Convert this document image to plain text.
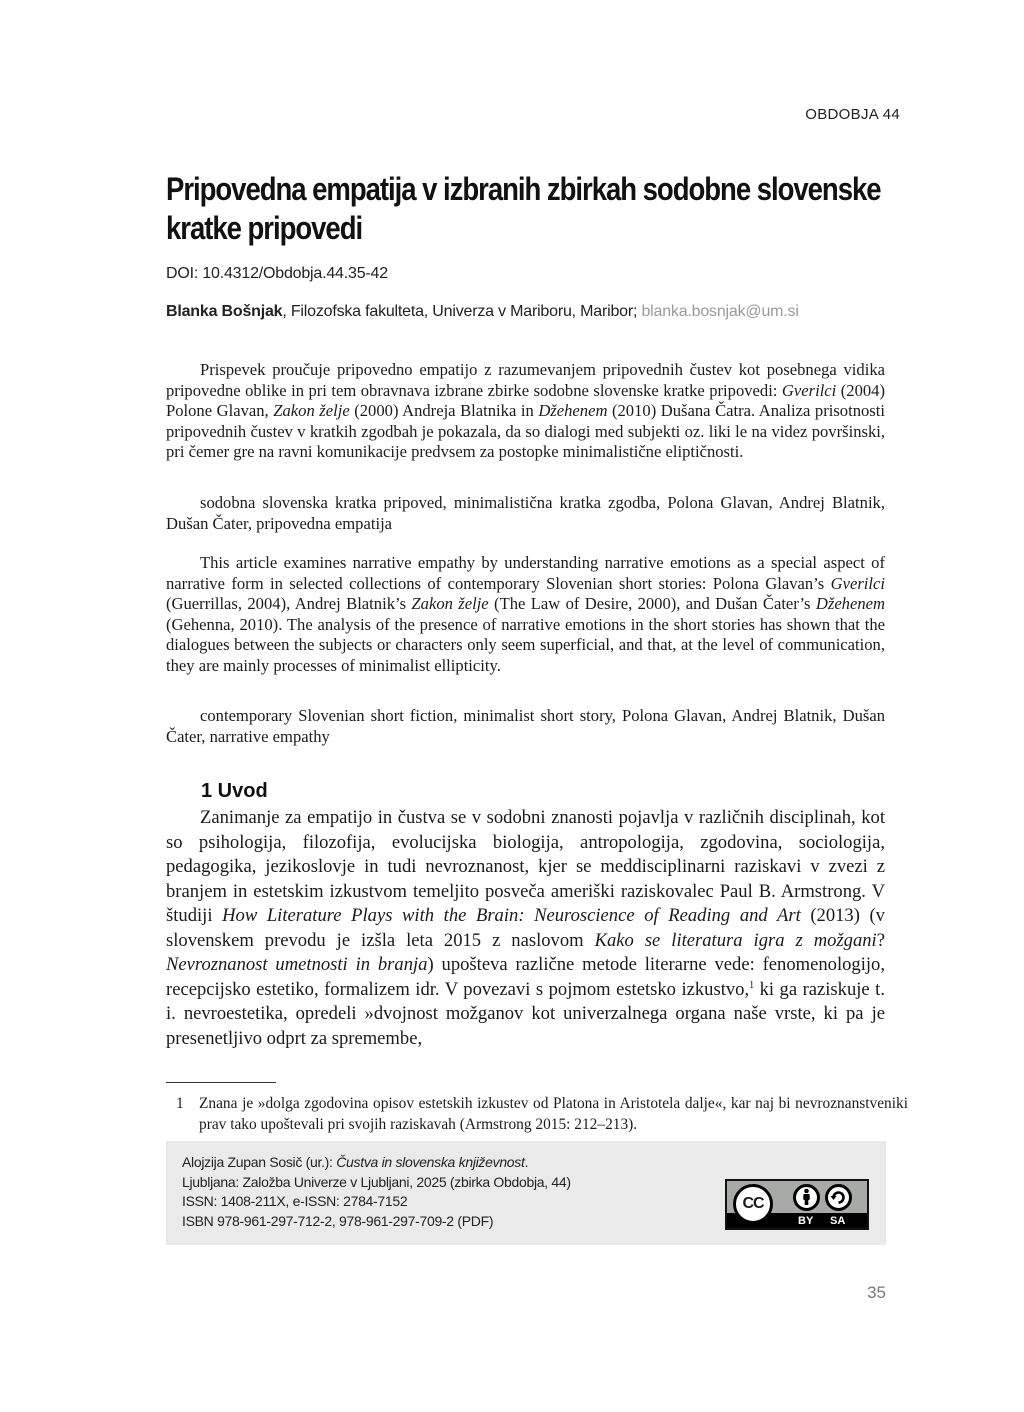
OBDOBJA 44
Pripovedna empatija v izbranih zbirkah sodobne slovenske kratke pripovedi
DOI: 10.4312/Obdobja.44.35-42
Blanka Bošnjak, Filozofska fakulteta, Univerza v Mariboru, Maribor; blanka.bosnjak@um.si

Prispevek proučuje pripovedno empatijo z razumevanjem pripovednih čustev kot posebnega vidika pripovedne oblike in pri tem obravnava izbrane zbirke sodobne slovenske kratke pripovedi: Gverilci (2004) Polone Glavan, Zakon želje (2000) Andreja Blatnika in Džehenem (2010) Dušana Čatra. Analiza prisotnosti pripovednih čustev v kratkih zgodbah je pokazala, da so dialogi med subjekti oz. liki le na videz površinski, pri čemer gre na ravni komunikacije predvsem za postopke minimalistične eliptičnosti.

sodobna slovenska kratka pripoved, minimalistična kratka zgodba, Polona Glavan, Andrej Blatnik, Dušan Čater, pripovedna empatija

This article examines narrative empathy by understanding narrative emotions as a special aspect of narrative form in selected collections of contemporary Slovenian short stories: Polona Glavan’s Gverilci (Guerrillas, 2004), Andrej Blatnik’s Zakon želje (The Law of Desire, 2000), and Dušan Čater’s Džehenem (Gehenna, 2010). The analysis of the presence of narrative emotions in the short stories has shown that the dialogues between the subjects or characters only seem superficial, and that, at the level of communication, they are mainly processes of minimalist ellipticity.

contemporary Slovenian short fiction, minimalist short story, Polona Glavan, Andrej Blatnik, Dušan Čater, narrative empathy

1 Uvod

Zanimanje za empatijo in čustva se v sodobni znanosti pojavlja v različnih disciplinah, kot so psihologija, filozofija, evolucijska biologija, antropologija, zgodovina, sociologija, pedagogika, jezikoslovje in tudi nevroznanost, kjer se meddisciplinarni raziskavi v zvezi z branjem in estetskim izkustvom temeljito posveča ameriški raziskovalec Paul B. Armstrong. V študiji How Literature Plays with the Brain: Neuroscience of Reading and Art (2013) (v slovenskem prevodu je izšla leta 2015 z naslovom Kako se literatura igra z možgani? Nevroznanost umetnosti in branja) upošteva različne metode literarne vede: fenomenologijo, recepcijsko estetiko, formalizem idr. V povezavi s pojmom estetsko izkustvo,$^1$ ki ga raziskuje t. i. nevroestetika, opredeli »dvojnost možganov kot univerzalnega organa naše vrste, ki pa je presenetljivo odprt za spremembe,

1 Znana je »dolga zgodovina opisov estetskih izkustev od Platona in Aristotela dalje«, kar naj bi nevroznanstveniki prav tako upoštevali pri svojih raziskavah (Armstrong 2015: 212–213).

Alojzija Zupan Sosič (ur.): Čustva in slovenska književnost.
Ljubljana: Založba Univerze v Ljubljani, 2025 (zbirka Obdobja, 44)
ISSN: 1408-211X, e-ISSN: 2784-7152
ISBN 978-961-297-712-2, 978-961-297-709-2 (PDF)
CC
BY SA
35
